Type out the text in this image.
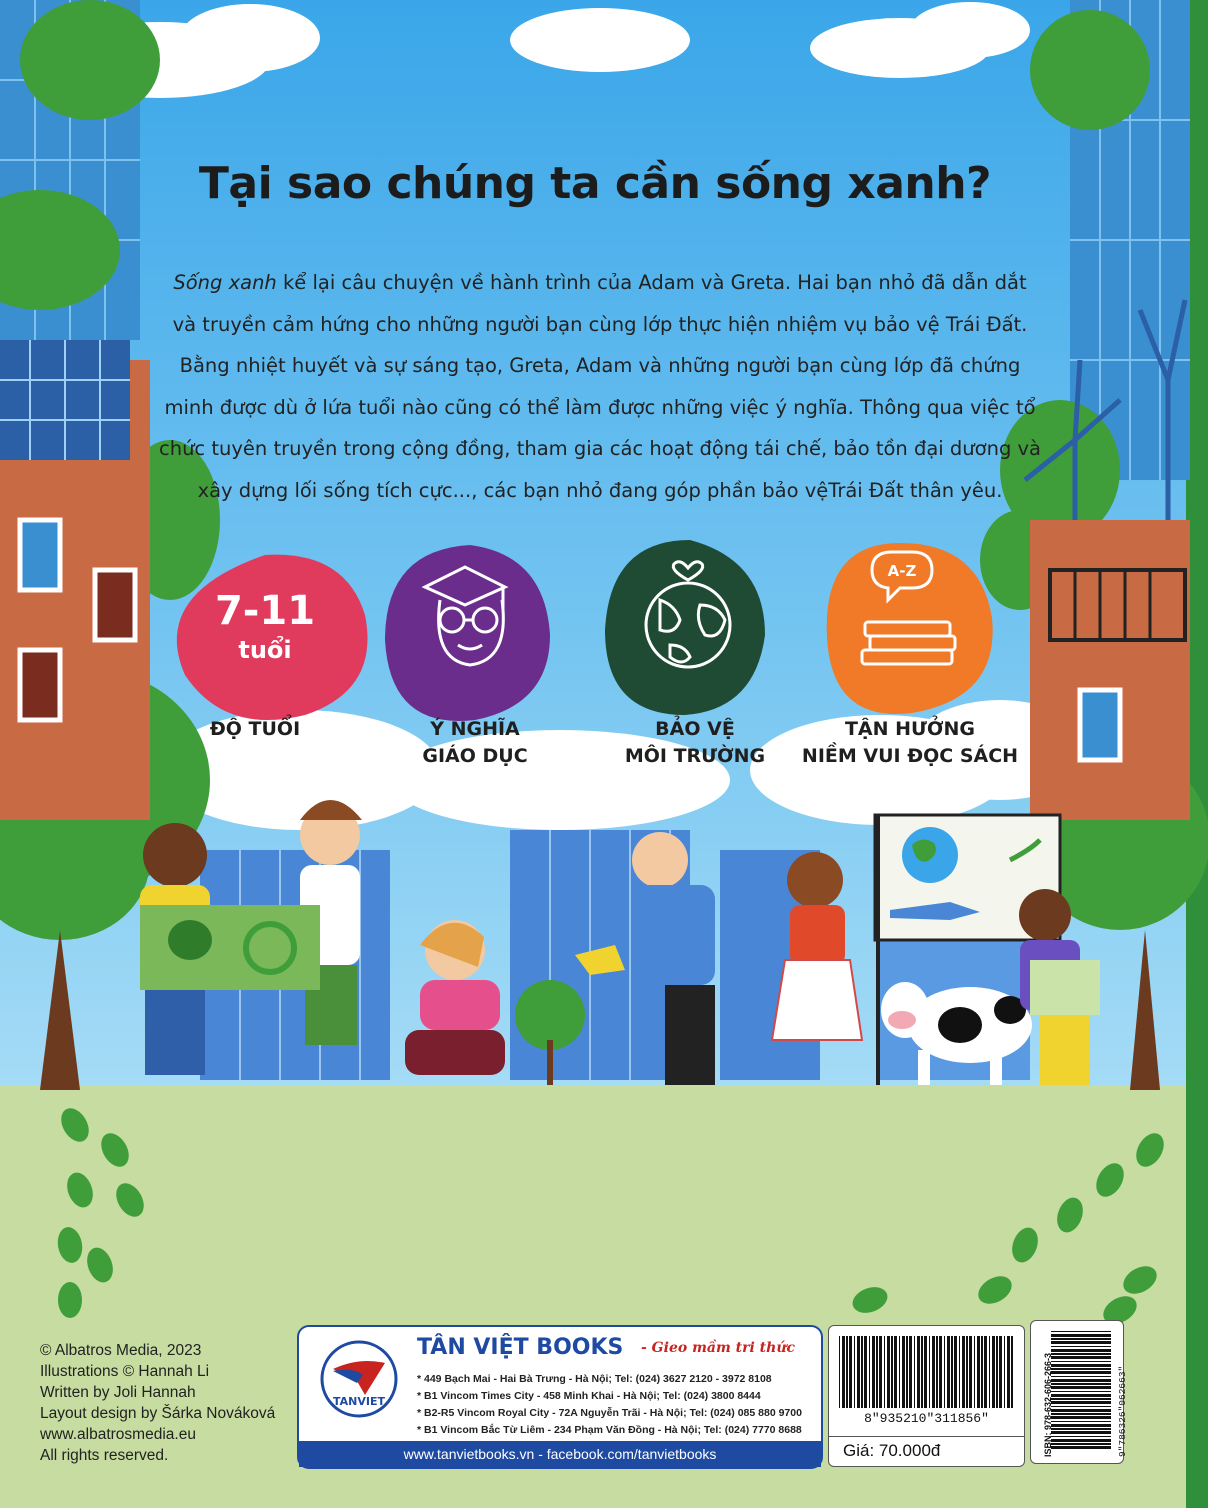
A-Z
Tại sao chúng ta cần sống xanh?
Sống xanh kể lại câu chuyện về hành trình của Adam và Greta. Hai bạn nhỏ đã dẫn dắt
và truyền cảm hứng cho những người bạn cùng lớp thực hiện nhiệm vụ bảo vệ Trái Đất.
Bằng nhiệt huyết và sự sáng tạo, Greta, Adam và những người bạn cùng lớp đã chứng
minh được dù ở lứa tuổi nào cũng có thể làm được những việc ý nghĩa. Thông qua việc tổ
chức tuyên truyền trong cộng đồng, tham gia các hoạt động tái chế, bảo tồn đại dương và
xây dựng lối sống tích cực..., các bạn nhỏ đang góp phần bảo vệTrái Đất thân yêu.
7-11
tuổi
ĐỘ TUỔI	Ý NGHĨA
GIÁO DỤC
BẢO VỆ
MÔI TRƯỜNG
TẬN HƯỞNG
NIỀM VUI ĐỌC SÁCH
© Albatros Media, 2023
Illustrations © Hannah Li
Written by Joli Hannah
Layout design by Šárka Nováková
www.albatrosmedia.eu
All rights reserved.
TANVIET
TÂN VIỆT BOOKS - Gieo mầm tri thức
* 449 Bạch Mai - Hai Bà Trưng - Hà Nội; Tel: (024) 3627 2120 - 3972 8108
* B1 Vincom Times City - 458 Minh Khai - Hà Nội; Tel: (024) 3800 8444
* B2-R5 Vincom Royal City - 72A Nguyễn Trãi - Hà Nội; Tel: (024) 085 880 9700
* B1 Vincom Bắc Từ Liêm - 234 Phạm Văn Đồng - Hà Nội; Tel: (024) 7770 8688
www.tanvietbooks.vn - facebook.com/tanvietbooks
8"935210"311856"
Giá: 70.000đ	ISBN: 978-632-606-266-3	9"786326"062663"
